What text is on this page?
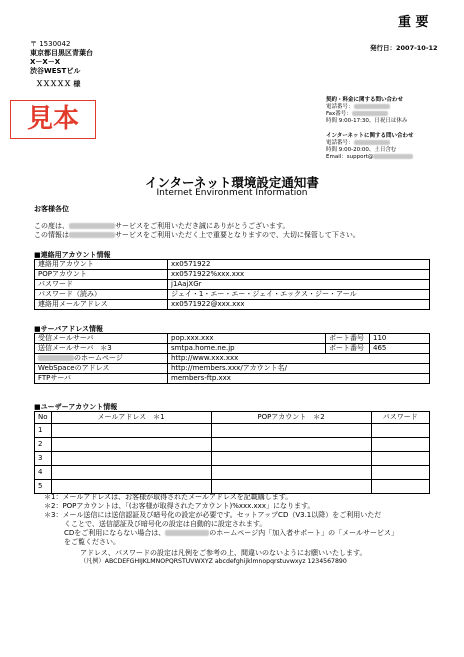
重 要
〒 1530042
東京都目黒区青葉台
X－X－X
渋谷WESTビル
ＸＸＸＸＸ 様
発行日：2007-10-12
見本
契約・料金に関する問い合わせ
電話番号：
Fax番号：
時間 9:00-17:30、日祝日は休み
インターネットに関する問い合わせ
電話番号：
時間 9:00-20:00、土日含む
Email：support@
インターネット環境設定通知書
Internet Environment Information
お客様各位
この度は、	サービスをご利用いただき誠にありがとうございます。
この情報は	サービスをご利用いただく上で重要となりますので、大切に保管して下さい。
■連絡用アカウント情報
連絡用アカウント	xx0571922
POPアカウント	xx0571922%xxx.xxx
パスワード	j1AajXGr
パスワード（読み）	ジェイ・1・エー・エー・ジェイ・エックス・ジー・アール
連絡用メールアドレス	xx0571922@xxx.xxx
■サーバアドレス情報
受信メールサーバ	pop.xxx.xxx	ポート番号	110
送信メールサーバ ＊3	smtpa.home.ne.jp	ポート番号	465
のホームページ	http://www.xxx.xxx		
WebSpaceのアドレス	http://members.xxx/アカウント名/		
FTPサーバ	members-ftp.xxx		
■ユーザーアカウント情報
No	メールアドレス　＊1	POPアカウント　＊2	パスワード
1			
2			
3			
4			
5			
＊1：メールアドレスは、お客様が取得されたメールアドレスを記載購します。
＊2：POPアカウントは、「(お客様が取得されたアカウント)%xxx.xxx」になります。
＊3：メール送信には送信認証及び暗号化の設定が必要です。セットアップCD（V3.1以降）をご利用いただ
くことで、送信認証及び暗号化の設定は自動的に設定されます。
CDをご利用にならない場合は、	のホームページ内「加入者サポート」の「メールサービス」
をご覧ください。
アドレス、パスワードの設定は凡例をご参考の上、間違いのないようにお願いいたします。
（凡例）ABCDEFGHIJKLMNOPQRSTUVWXYZ abcdefghijklmnopqrstuvwxyz 1234567890
